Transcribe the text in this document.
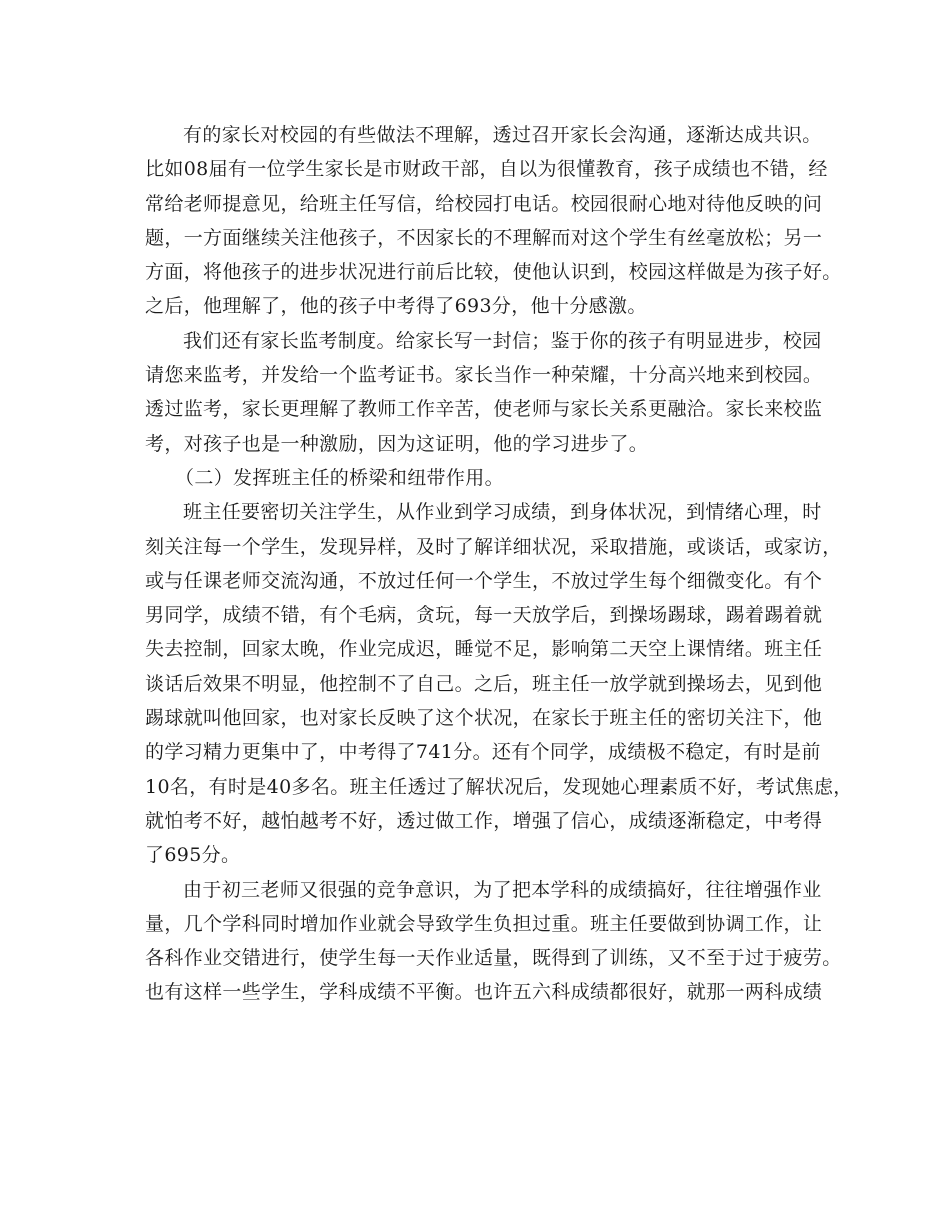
有的家长对校园的有些做法不理解，透过召开家长会沟通，逐渐达成共识。
比如08届有一位学生家长是市财政干部，自以为很懂教育，孩子成绩也不错，经
常给老师提意见，给班主任写信，给校园打电话。校园很耐心地对待他反映的问
题，一方面继续关注他孩子，不因家长的不理解而对这个学生有丝毫放松；另一
方面，将他孩子的进步状况进行前后比较，使他认识到，校园这样做是为孩子好。
之后，他理解了，他的孩子中考得了693分，他十分感激。
我们还有家长监考制度。给家长写一封信；鉴于你的孩子有明显进步，校园
请您来监考，并发给一个监考证书。家长当作一种荣耀，十分高兴地来到校园。
透过监考，家长更理解了教师工作辛苦，使老师与家长关系更融洽。家长来校监
考，对孩子也是一种激励，因为这证明，他的学习进步了。
（二）发挥班主任的桥梁和纽带作用。
班主任要密切关注学生，从作业到学习成绩，到身体状况，到情绪心理，时
刻关注每一个学生，发现异样，及时了解详细状况，采取措施，或谈话，或家访，
或与任课老师交流沟通，不放过任何一个学生，不放过学生每个细微变化。有个
男同学，成绩不错，有个毛病，贪玩，每一天放学后，到操场踢球，踢着踢着就
失去控制，回家太晚，作业完成迟，睡觉不足，影响第二天空上课情绪。班主任
谈话后效果不明显，他控制不了自己。之后，班主任一放学就到操场去，见到他
踢球就叫他回家，也对家长反映了这个状况，在家长于班主任的密切关注下，他
的学习精力更集中了，中考得了741分。还有个同学，成绩极不稳定，有时是前
10名，有时是40多名。班主任透过了解状况后，发现她心理素质不好，考试焦虑，
就怕考不好，越怕越考不好，透过做工作，增强了信心，成绩逐渐稳定，中考得
了695分。
由于初三老师又很强的竞争意识，为了把本学科的成绩搞好，往往增强作业
量，几个学科同时增加作业就会导致学生负担过重。班主任要做到协调工作，让
各科作业交错进行，使学生每一天作业适量，既得到了训练，又不至于过于疲劳。
也有这样一些学生，学科成绩不平衡。也许五六科成绩都很好，就那一两科成绩
